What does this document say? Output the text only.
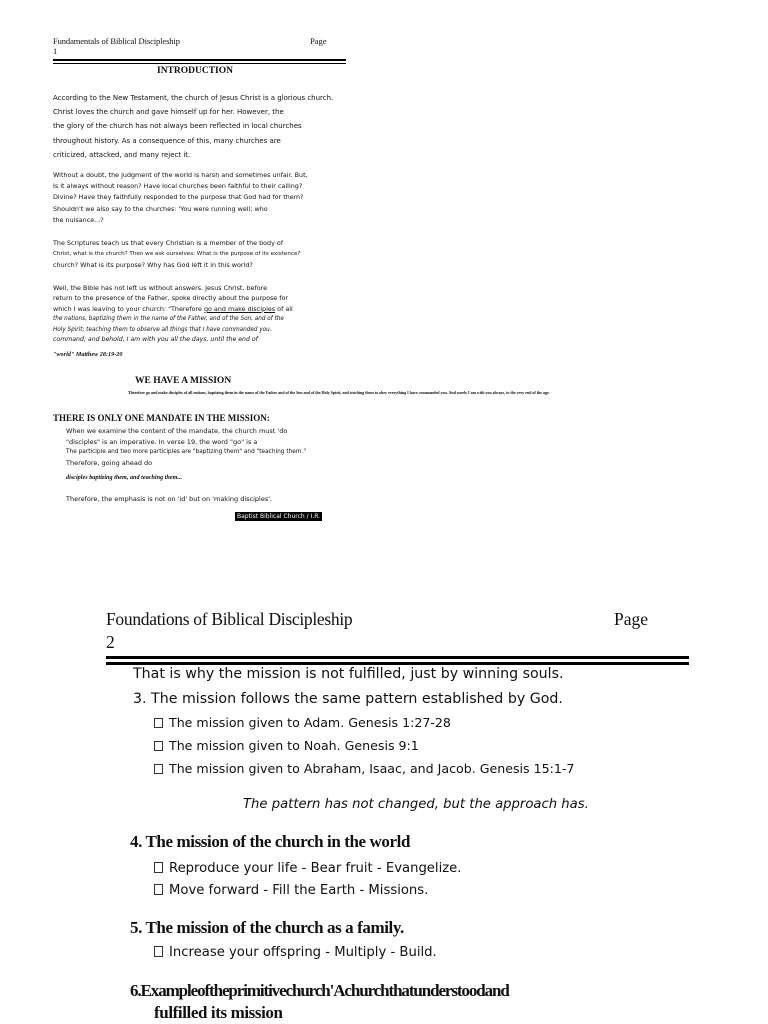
Fundamentals of Biblical Discipleship	Page
1
INTRODUCTION
According to the New Testament, the church of Jesus Christ is a glorious church.
Christ loves the church and gave himself up for her. However, the
the glory of the church has not always been reflected in local churches
throughout history. As a consequence of this, many churches are
criticized, attacked, and many reject it.
Without a doubt, the judgment of the world is harsh and sometimes unfair. But,
Is it always without reason? Have local churches been faithful to their calling?
Divine? Have they faithfully responded to the purpose that God had for them?
Shouldn't we also say to the churches: 'You were running well; who
the nuisance...?
The Scriptures teach us that every Christian is a member of the body of
Christ, what is the church? Then we ask ourselves: What is the purpose of its existence?
church? What is its purpose? Why has God left it in this world?
Well, the Bible has not left us without answers. Jesus Christ, before
return to the presence of the Father, spoke directly about the purpose for
which I was leaving to your church: "Therefore go and make disciples of all
the nations, baptizing them in the name of the Father, and of the Son, and of the
Holy Spirit; teaching them to observe all things that I have commanded you.
command; and behold, I am with you all the days, until the end of
"world" Matthew 28:19-20
WE HAVE A MISSION
Therefore go and make disciples of all nations, baptizing them in the name of the Father and of the Son and of the Holy Spirit, and teaching them to obey everything I have commanded you. And surely I am with you always, to the very end of the age.
THERE IS ONLY ONE MANDATE IN THE MISSION:
When we examine the content of the mandate, the church must 'do
"disciples" is an imperative. In verse 19, the word "go" is a
The participle and two more participles are "baptizing them" and "teaching them."
Therefore, going ahead do
disciples baptizing them, and teaching them...
Therefore, the emphasis is not on 'id' but on 'making disciples'.
Baptist Biblical Church / I.R.
Foundations of Biblical Discipleship	Page
2
That is why the mission is not fulfilled, just by winning souls.
3. The mission follows the same pattern established by God.
The mission given to Adam. Genesis 1:27-28
The mission given to Noah. Genesis 9:1
The mission given to Abraham, Isaac, and Jacob. Genesis 15:1-7
The pattern has not changed, but the approach has.
4. The mission of the church in the world
Reproduce your life - Bear fruit - Evangelize.
Move forward - Fill the Earth - Missions.
5. The mission of the church as a family.
Increase your offspring - Multiply - Build.
6.Exampleoftheprimitivechurch'Achurchthatunderstoodand
fulfilled its mission
